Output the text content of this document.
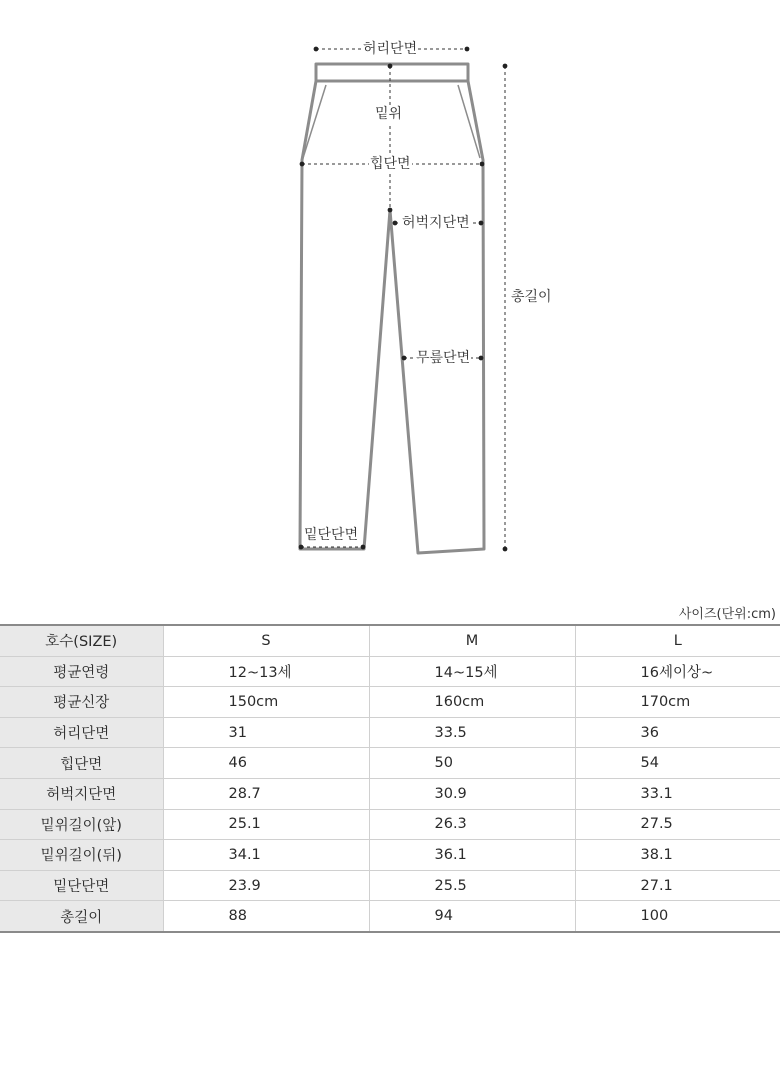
허리단면
밑위
힙단면
허벅지단면
무릎단면
밑단단면
총길이
사이즈(단위:cm)
호수(SIZE)	S	M	L
평균연령	12~13세	14~15세	16세이상~
평균신장	150cm	160cm	170cm
허리단면	31	33.5	36
힙단면	46	50	54
허벅지단면	28.7	30.9	33.1
밑위길이(앞)	25.1	26.3	27.5
밑위길이(뒤)	34.1	36.1	38.1
밑단단면	23.9	25.5	27.1
총길이	88	94	100
